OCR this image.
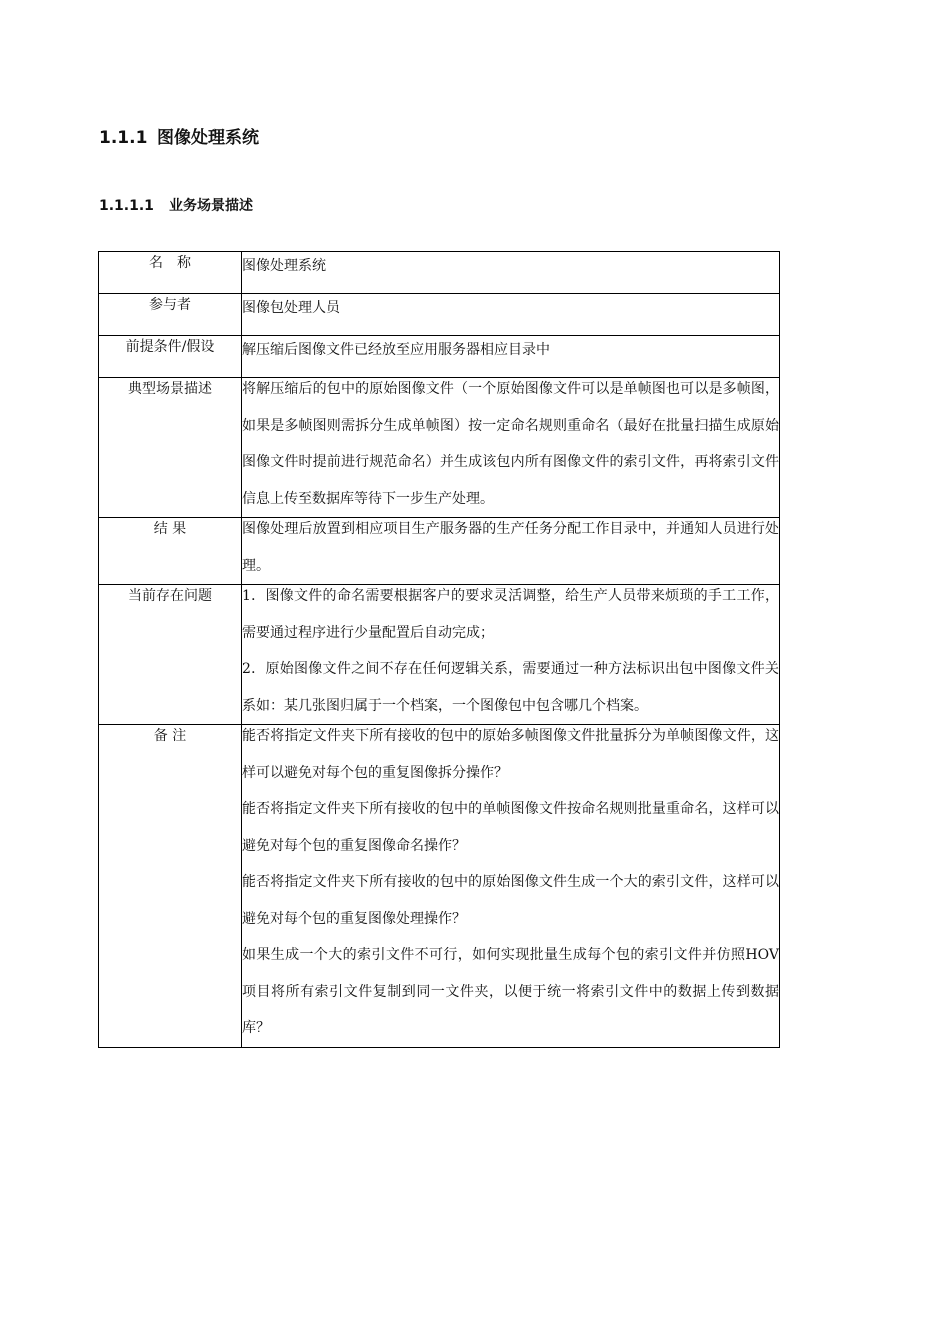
1.1.1 图像处理系统
1.1.1.1 业务场景描述
名　称	图像处理系统

参与者	图像包处理人员

前提条件/假设	解压缩后图像文件已经放至应用服务器相应目录中

典型场景描述	将解压缩后的包中的原始图像文件（一个原始图像文件可以是单帧图也可以是多帧图，如果是多帧图则需拆分生成单帧图）按一定命名规则重命名（最好在批量扫描生成原始图像文件时提前进行规范命名）并生成该包内所有图像文件的索引文件，再将索引文件信息上传至数据库等待下一步生产处理。

结 果	图像处理后放置到相应项目生产服务器的生产任务分配工作目录中，并通知人员进行处理。

当前存在问题	1．图像文件的命名需要根据客户的要求灵活调整，给生产人员带来烦琐的手工工作，需要通过程序进行少量配置后自动完成；
2．原始图像文件之间不存在任何逻辑关系，需要通过一种方法标识出包中图像文件关系如：某几张图归属于一个档案，一个图像包中包含哪几个档案。

备 注	能否将指定文件夹下所有接收的包中的原始多帧图像文件批量拆分为单帧图像文件，这样可以避免对每个包的重复图像拆分操作？
能否将指定文件夹下所有接收的包中的单帧图像文件按命名规则批量重命名，这样可以避免对每个包的重复图像命名操作？
能否将指定文件夹下所有接收的包中的原始图像文件生成一个大的索引文件，这样可以避免对每个包的重复图像处理操作？
如果生成一个大的索引文件不可行，如何实现批量生成每个包的索引文件并仿照HOV项目将所有索引文件复制到同一文件夹，以便于统一将索引文件中的数据上传到数据库？
